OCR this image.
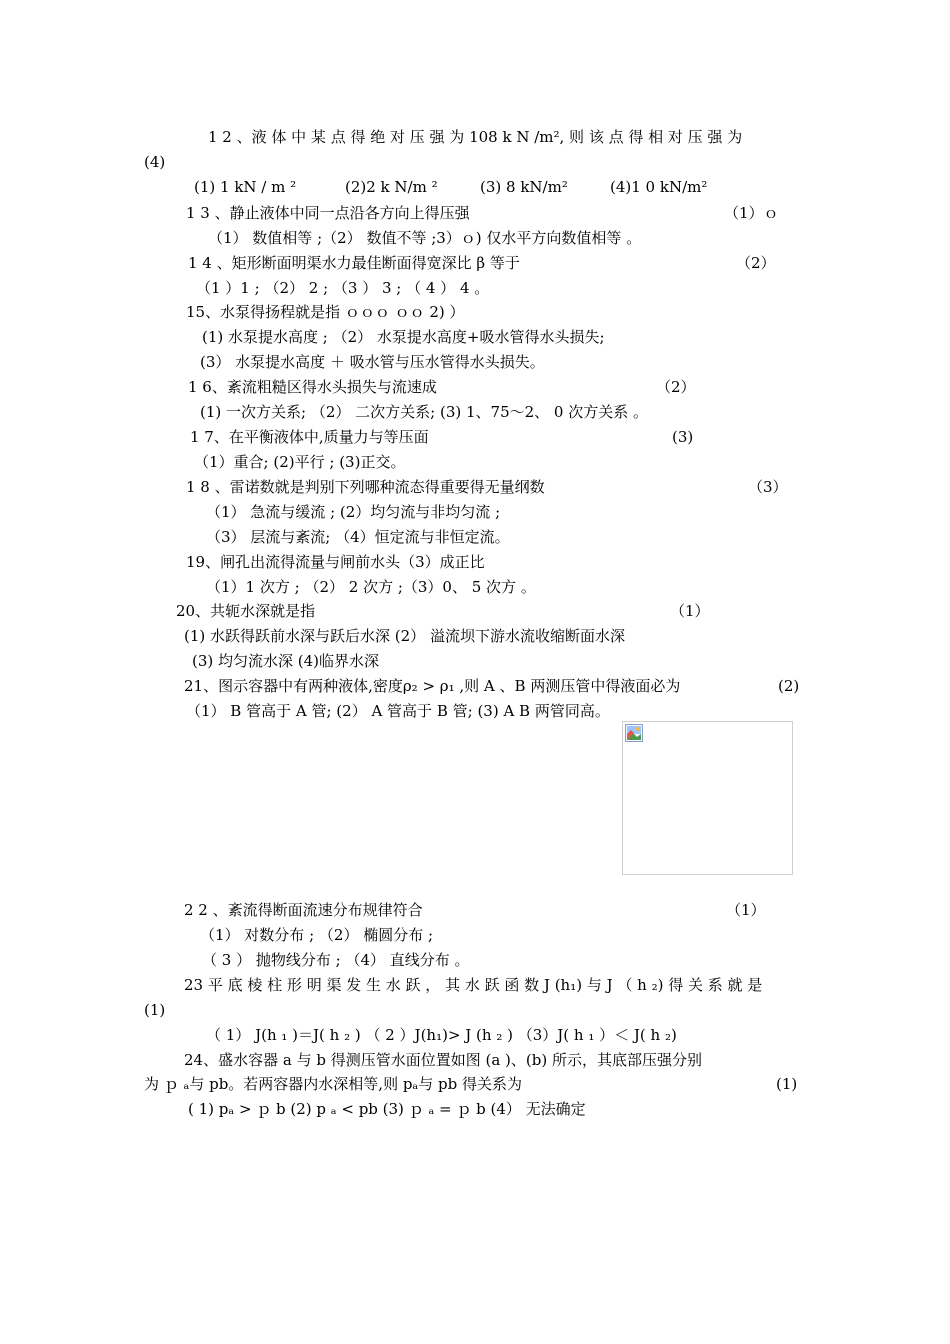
1 2 、液 体 中 某 点 得 绝 对 压 强 为 108 k N /m², 则 该 点 得 相 对 压 强 为
(4)
(1) 1 kN / m ²	(2)2 k N/m ²	(3) 8 kN/m²	(4)1 0 kN/m²
1 3 、静止液体中同一点沿各方向上得压强	（1）ｏ
（1） 数值相等 ;（2） 数值不等 ;3）ｏ) 仅水平方向数值相等 。
1 4 、矩形断面明渠水力最佳断面得宽深比 β 等于	（2）
（1 ）1 ; （2） 2 ; （3 ） 3 ; （ 4 ） 4 。
15、水泵得扬程就是指 ｏｏｏ ｏｏ 2) ）
(1) 水泵提水高度 ; （2） 水泵提水高度+吸水管得水头损失;
(3） 水泵提水高度 ＋ 吸水管与压水管得水头损失。
1 6、紊流粗糙区得水头损失与流速成	（2）
(1) 一次方关系; （2） 二次方关系; (3) 1、75～2、 0 次方关系 。
1 7、在平衡液体中,质量力与等压面	(3)
（1）重合; (2)平行 ; (3)正交。
1 8 、雷诺数就是判别下列哪种流态得重要得无量纲数	（3）
（1） 急流与缓流 ; (2）均匀流与非均匀流 ;
（3） 层流与紊流; （4）恒定流与非恒定流。
19、闸孔出流得流量与闸前水头（3）成正比
（1）1 次方 ; （2） 2 次方 ;（3）0、 5 次方 。
20、共轭水深就是指	（1）
(1) 水跃得跃前水深与跃后水深 (2） 溢流坝下游水流收缩断面水深
(3) 均匀流水深 (4)临界水深
21、图示容器中有两种液体,密度ρ₂ > ρ₁ ,则 A 、B 两测压管中得液面必为	(2)
（1） B 管高于 A 管; (2） A 管高于 B 管; (3) A B 两管同高。
2 2 、紊流得断面流速分布规律符合	（1）
（1） 对数分布 ; （2） 椭圆分布 ;
（ 3 ） 抛物线分布 ; （4） 直线分布 。
23 平 底 棱 柱 形 明 渠 发 生 水 跃 ， 其 水 跃 函 数 J (h₁) 与 J （ h ₂) 得 关 系 就 是
(1)
（ 1） J(h ₁ )＝J( h ₂ ) （ 2 ）J(h₁)> J (h ₂ ) （3）J( h ₁ ）＜ J( h ₂)
24、盛水容器 a 与 b 得测压管水面位置如图 (a )、(b) 所示，其底部压强分别
为 ｐ ₐ与 pb。若两容器内水深相等,则 pₐ与 pb 得关系为	(1)
( 1) pₐ > ｐ b (2) p ₐ < pb (3) ｐ ₐ = ｐ b (4） 无法确定
